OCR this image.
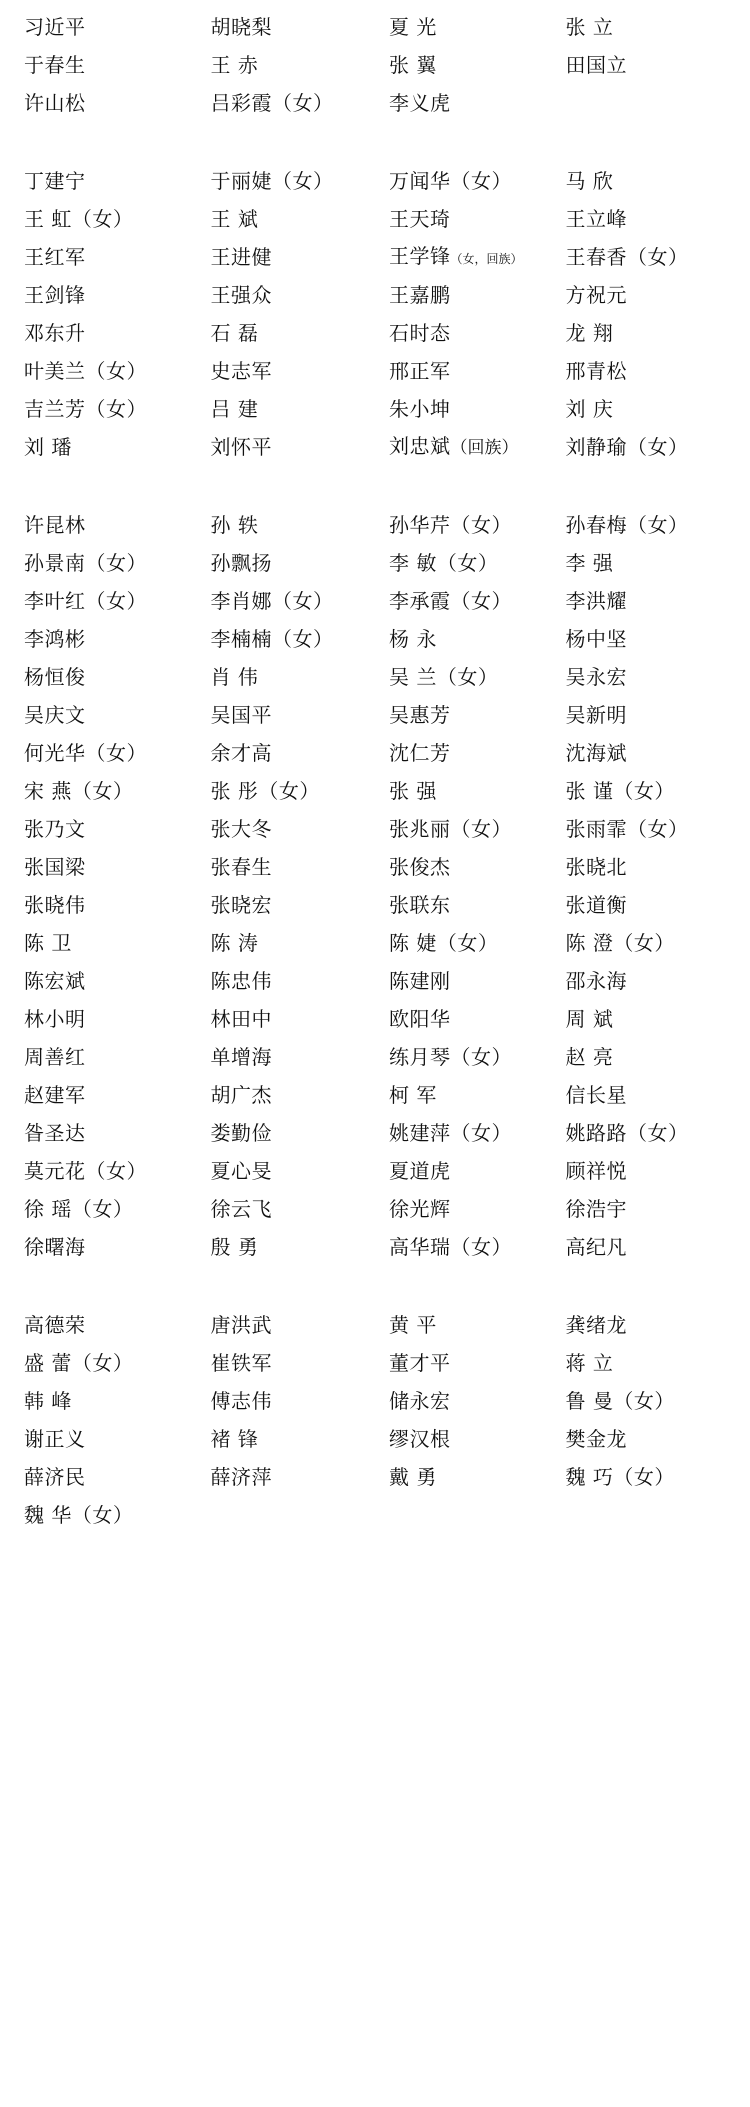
习近平	胡晓梨	夏 光	张 立
于春生	王 赤	张 翼	田国立
许山松	吕彩霞（女）	李义虎
丁建宁	于丽婕（女）	万闻华（女）	马 欣
王 虹（女）	王 斌	王天琦	王立峰
王红军	王进健	王学锋（女，回族）	王春香（女）
王剑锋	王强众	王嘉鹏	方祝元
邓东升	石 磊	石时态	龙 翔
叶美兰（女）	史志军	邢正军	邢青松
吉兰芳（女）	吕 建	朱小坤	刘 庆
刘 璠	刘怀平	刘忠斌（回族）	刘静瑜（女）
许昆林	孙 轶	孙华芹（女）	孙春梅（女）
孙景南（女）	孙飘扬	李 敏（女）	李 强
李叶红（女）	李肖娜（女）	李承霞（女）	李洪耀
李鸿彬	李楠楠（女）	杨 永	杨中坚
杨恒俊	肖 伟	吴 兰（女）	吴永宏
吴庆文	吴国平	吴惠芳	吴新明
何光华（女）	余才高	沈仁芳	沈海斌
宋 燕（女）	张 彤（女）	张 强	张 谨（女）
张乃文	张大冬	张兆丽（女）	张雨霏（女）
张国梁	张春生	张俊杰	张晓北
张晓伟	张晓宏	张联东	张道衡
陈 卫	陈 涛	陈 婕（女）	陈 澄（女）
陈宏斌	陈忠伟	陈建刚	邵永海
林小明	林田中	欧阳华	周 斌
周善红	单增海	练月琴（女）	赵 亮
赵建军	胡广杰	柯 军	信长星
昝圣达	娄勤俭	姚建萍（女）	姚路路（女）
莫元花（女）	夏心旻	夏道虎	顾祥悦
徐 瑶（女）	徐云飞	徐光辉	徐浩宇
徐曙海	殷 勇	高华瑞（女）	高纪凡
高德荣	唐洪武	黄 平	龚绪龙
盛 蕾（女）	崔铁军	董才平	蒋 立
韩 峰	傅志伟	储永宏	鲁 曼（女）
谢正义	褚 锋	缪汉根	樊金龙
薛济民	薛济萍	戴 勇	魏 巧（女）
魏 华（女）
